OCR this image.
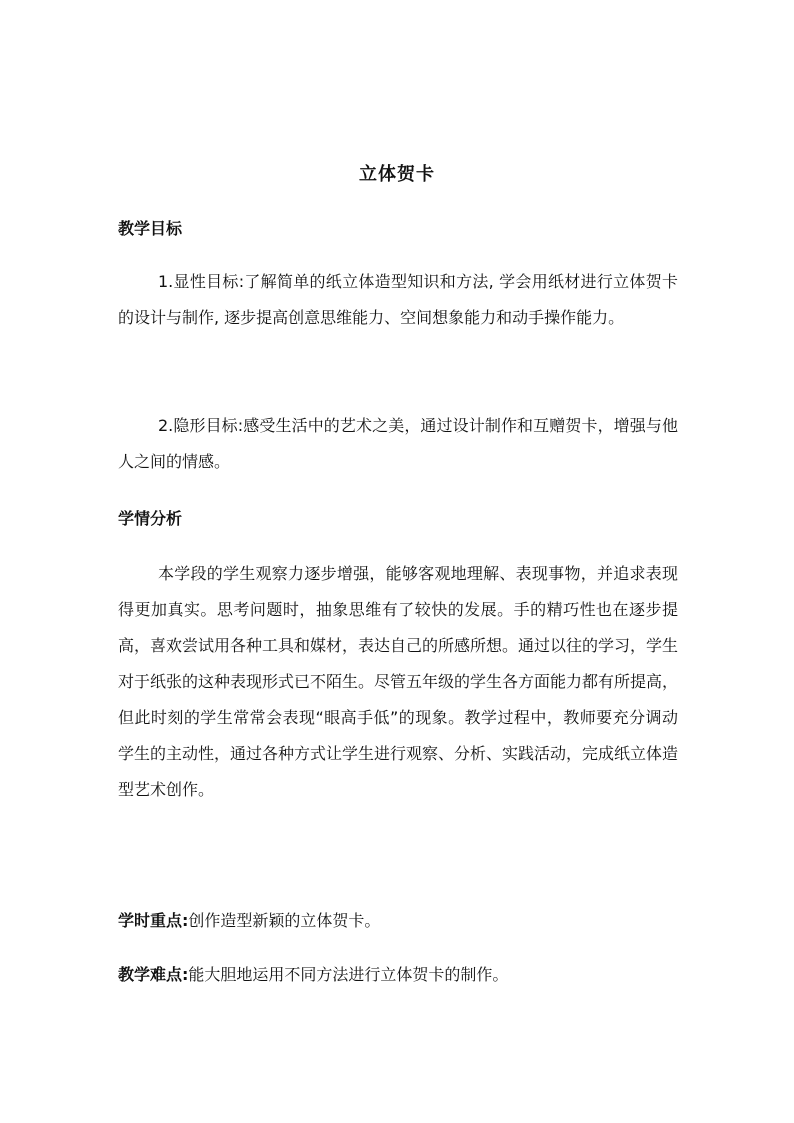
立体贺卡
教学目标
1.显性目标:了解简单的纸立体造型知识和方法, 学会用纸材进行立体贺卡的设计与制作, 逐步提高创意思维能力、空间想象能力和动手操作能力。
2.隐形目标:感受生活中的艺术之美，通过设计制作和互赠贺卡，增强与他人之间的情感。
学情分析
本学段的学生观察力逐步增强，能够客观地理解、表现事物，并追求表现得更加真实。思考问题时，抽象思维有了较快的发展。手的精巧性也在逐步提高，喜欢尝试用各种工具和媒材，表达自己的所感所想。通过以往的学习，学生对于纸张的这种表现形式已不陌生。尽管五年级的学生各方面能力都有所提高，但此时刻的学生常常会表现“眼高手低”的现象。教学过程中，教师要充分调动学生的主动性，通过各种方式让学生进行观察、分析、实践活动，完成纸立体造型艺术创作。
学时重点:创作造型新颖的立体贺卡。
教学难点:能大胆地运用不同方法进行立体贺卡的制作。
